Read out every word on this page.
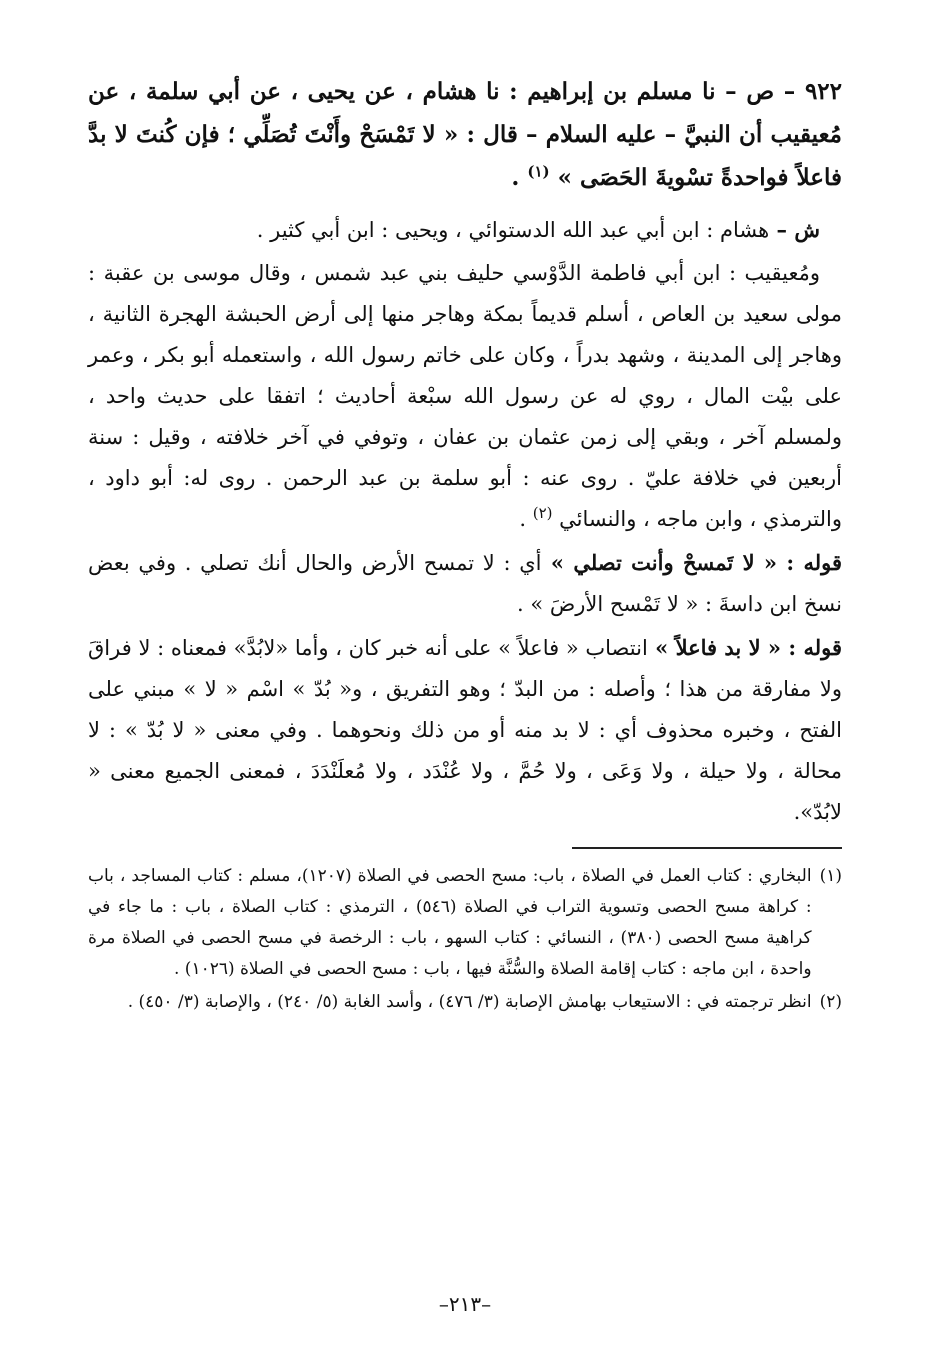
٩٢٢ – ص – نا مسلم بن إبراهيم : نا هشام ، عن يحيى ، عن أبي سلمة ، عن مُعيقيب أن النبيَّ – عليه السلام – قال : « لا تَمْسَحْ وأَنْتَ تُصَلِّي ؛ فإن كُنتَ لا بدَّ فاعلاً فواحدةً تسْويةَ الحَصَى » $^{(١)}$ .

ش – هشام : ابن أبي عبد الله الدستوائي ، ويحيى : ابن أبي كثير .

ومُعيقيب : ابن أبي فاطمة الدَّوْسي حليف بني عبد شمس ، وقال موسى بن عقبة : مولى سعيد بن العاص ، أسلم قديماً بمكة وهاجر منها إلى أرض الحبشة الهجرة الثانية ، وهاجر إلى المدينة ، وشهد بدراً ، وكان على خاتم رسول الله ، واستعمله أبو بكر ، وعمر على بيْت المال ، روي له عن رسول الله سبْعة أحاديث ؛ اتفقا على حديث واحد ، ولمسلم آخر ، وبقي إلى زمن عثمان بن عفان ، وتوفي في آخر خلافته ، وقيل : سنة أربعين في خلافة عليّ . روى عنه : أبو سلمة بن عبد الرحمن . روى له: أبو داود ، والترمذي ، وابن ماجه ، والنسائي $^{(٢)}$ .

قوله : « لا تَمسحْ وأنت تصلي » أي : لا تمسح الأرض والحال أنك تصلي . وفي بعض نسخ ابن داسةَ : « لا تَمْسح الأرضَ » .

قوله : « لا بد فاعلاً » انتصاب « فاعلاً » على أنه خبر كان ، وأما «لابُدَّ» فمعناه : لا فراقَ ولا مفارقة من هذا ؛ وأصله : من البدّ ؛ وهو التفريق ، و« بُدّ » اسْم « لا » مبني على الفتح ، وخبره محذوف أي : لا بد منه أو من ذلك ونحوهما . وفي معنى « لا بُدّ » : لا محالة ، ولا حيلة ، ولا وَعَى ، ولا حُمَّ ، ولا عُنْدَد ، ولا مُعلَنْدَدَ ، فمعنى الجميع معنى « لابُدّ».

(١)
البخاري : كتاب العمل في الصلاة ، باب: مسح الحصى في الصلاة (١٢٠٧)، مسلم : كتاب المساجد ، باب : كراهة مسح الحصى وتسوية التراب في الصلاة (٥٤٦) ، الترمذي : كتاب الصلاة ، باب : ما جاء في كراهية مسح الحصى (٣٨٠) ، النسائي : كتاب السهو ، باب : الرخصة في مسح الحصى في الصلاة مرة واحدة ، ابن ماجه : كتاب إقامة الصلاة والسُّنَّة فيها ، باب : مسح الحصى في الصلاة (١٠٢٦) .
(٢)
انظر ترجمته في : الاستيعاب بهامش الإصابة (٣/ ٤٧٦) ، وأسد الغابة (٥/ ٢٤٠) ، والإصابة (٣/ ٤٥٠) .
–٢١٣–
